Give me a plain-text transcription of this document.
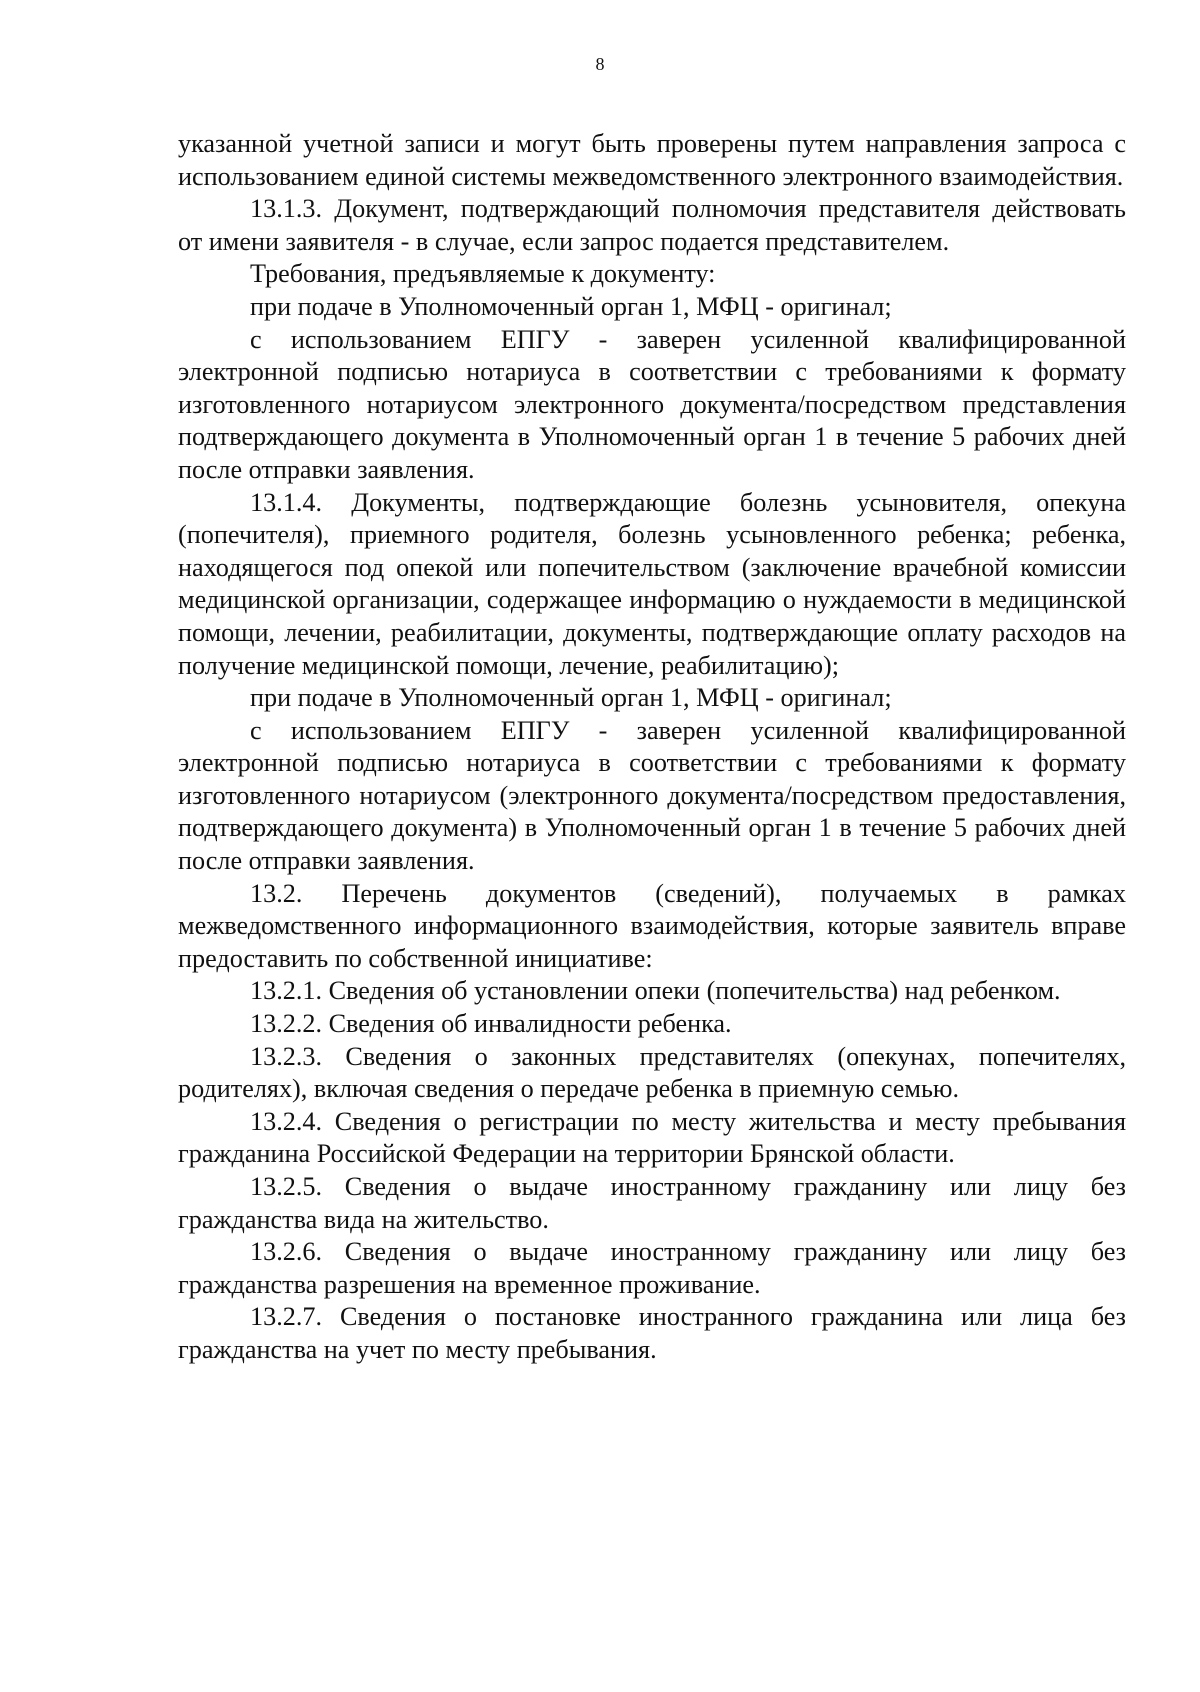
8

указанной учетной записи и могут быть проверены путем направления запроса с использованием единой системы межведомственного электронного взаимодействия.

13.1.3. Документ, подтверждающий полномочия представителя действовать от имени заявителя - в случае, если запрос подается представителем.

Требования, предъявляемые к документу:

при подаче в Уполномоченный орган 1, МФЦ - оригинал;

с использованием ЕПГУ - заверен усиленной квалифицированной электронной подписью нотариуса в соответствии с требованиями к формату изготовленного нотариусом электронного документа/посредством представления подтверждающего документа в Уполномоченный орган 1 в течение 5 рабочих дней после отправки заявления.

13.1.4. Документы, подтверждающие болезнь усыновителя, опекуна (попечителя), приемного родителя, болезнь усыновленного ребенка; ребенка, находящегося под опекой или попечительством (заключение врачебной комиссии медицинской организации, содержащее информацию о нуждаемости в медицинской помощи, лечении, реабилитации, документы, подтверждающие оплату расходов на получение медицинской помощи, лечение, реабилитацию);

при подаче в Уполномоченный орган 1, МФЦ - оригинал;

с использованием ЕПГУ - заверен усиленной квалифицированной электронной подписью нотариуса в соответствии с требованиями к формату изготовленного нотариусом (электронного документа/посредством предоставления, подтверждающего документа) в Уполномоченный орган 1 в течение 5 рабочих дней после отправки заявления.

13.2. Перечень документов (сведений), получаемых в рамках межведомственного информационного взаимодействия, которые заявитель вправе предоставить по собственной инициативе:

13.2.1. Сведения об установлении опеки (попечительства) над ребенком.

13.2.2. Сведения об инвалидности ребенка.

13.2.3. Сведения о законных представителях (опекунах, попечителях, родителях), включая сведения о передаче ребенка в приемную семью.

13.2.4. Сведения о регистрации по месту жительства и месту пребывания гражданина Российской Федерации на территории Брянской области.

13.2.5. Сведения о выдаче иностранному гражданину или лицу без гражданства вида на жительство.

13.2.6. Сведения о выдаче иностранному гражданину или лицу без гражданства разрешения на временное проживание.

13.2.7. Сведения о постановке иностранного гражданина или лица без гражданства на учет по месту пребывания.
